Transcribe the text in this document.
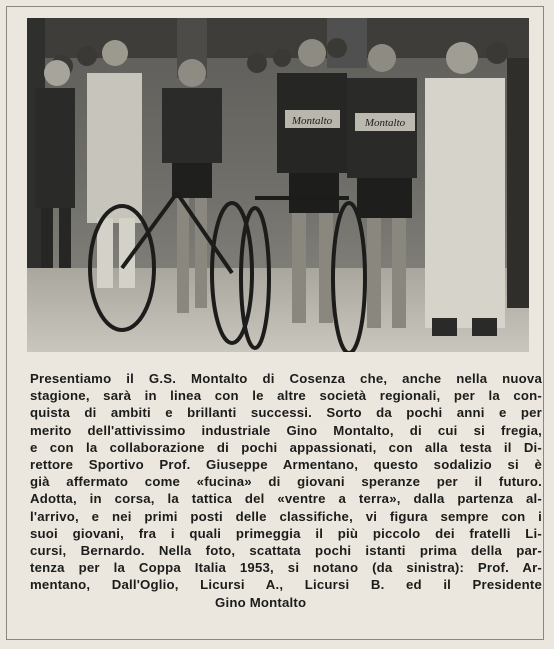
Montalto	Montalto
Presentiamo il G.S. Montalto di Cosenza che, anche nella nuova
stagione, sarà in linea con le altre società regionali, per la con-
quista di ambiti e brillanti successi. Sorto da pochi anni e per
merito dell'attivissimo industriale Gino Montalto, di cui si fregia,
e con la collaborazione di pochi appassionati, con alla testa il Di-
rettore Sportivo Prof. Giuseppe Armentano, questo sodalizio si è
già affermato come «fucina» di giovani speranze per il futuro.
Adotta, in corsa, la tattica del «ventre a terra», dalla partenza al-
l'arrivo, e nei primi posti delle classifiche, vi figura sempre con i
suoi giovani, fra i quali primeggia il più piccolo dei fratelli Li-
cursi, Bernardo. Nella foto, scattata pochi istanti prima della par-
tenza per la Coppa Italia 1953, si notano (da sinistra): Prof. Ar-
mentano, Dall'Oglio, Licursi A., Licursi B. ed il Presidente
Gino Montalto
